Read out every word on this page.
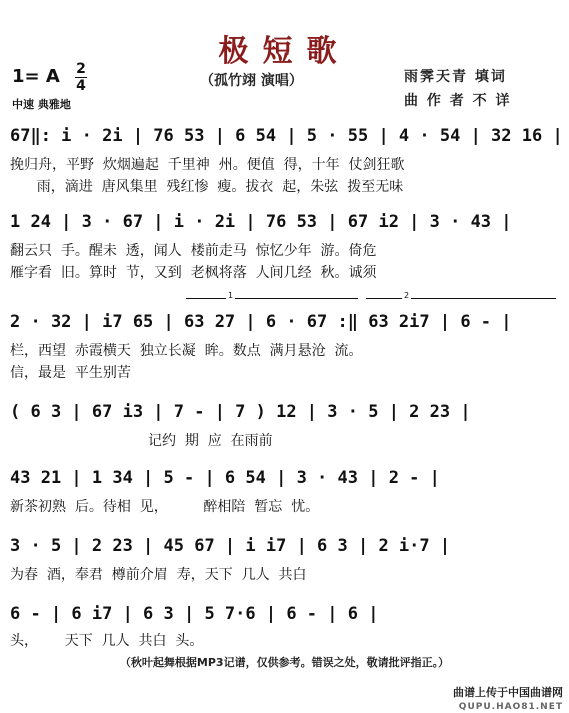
极短歌
（孤竹翊 演唱）	雨霁天青 填词
曲 作 者 不 详
1= A 2
4
中速 典雅地
67‖: i · 2i | 76 53 | 6 54 | 5 · 55 | 4 · 54 | 32 16 |
挽归舟，平野  炊烟遍起  千里神  州。便值  得，十年  仗剑狂歌
雨，滴进  唐风集里  残红惨  瘦。拔衣  起，朱弦  拨至无味
1 24 | 3 · 67 | i · 2i | 76 53 | 67 i2 | 3 · 43 |
翻云只  手。醒未  透，闻人  楼前走马  惊忆少年  游。倚危
雁字看  旧。算时  节，又到  老枫将落  人间几经  秋。诚须
1	2
2 · 32 | i7 65 | 63 27 | 6 · 67 :‖ 63 2i7 | 6 - |
栏，西望  赤霞横天  独立长凝  眸。数点  满月悬沧  流。
信，最是  平生别苦
( 6 3 | 67 i3 | 7 - | 7 ) 12 | 3 · 5 | 2 23 |
记约  期  应  在雨前
43 21 | 1 34 | 5 - | 6 54 | 3 · 43 | 2 - |
新茶初熟  后。待相  见，        醉相陪  暂忘  忧。
3 · 5 | 2 23 | 45 67 | i i7 | 6 3 | 2 i·7 |
为春  酒，奉君  樽前介眉  寿，天下  几人  共白
6 - | 6 i7 | 6 3 | 5 7·6 | 6 - | 6 |
头，      天下  几人  共白  头。
（秋叶起舞根据MP3记谱，仅供参考。错误之处，敬请批评指正。）
曲谱上传于中国曲谱网
QUPU.HAO81.NET
